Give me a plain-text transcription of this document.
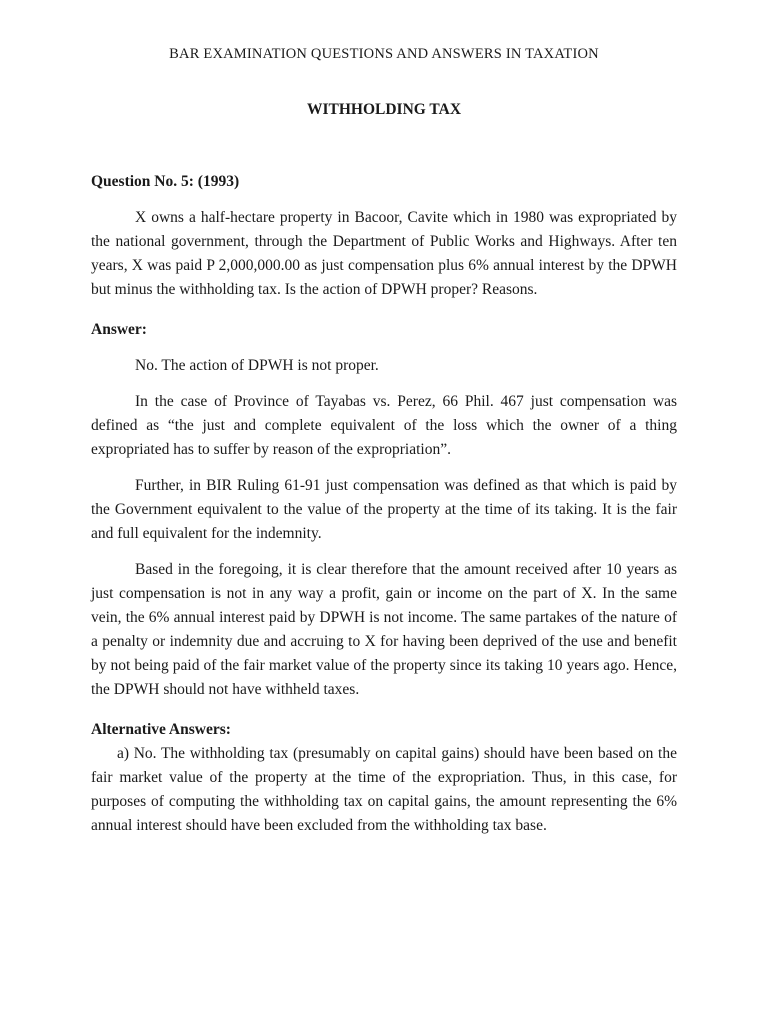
BAR EXAMINATION QUESTIONS AND ANSWERS IN TAXATION

WITHHOLDING TAX

Question No. 5: (1993)

X owns a half-hectare property in Bacoor, Cavite which in 1980 was expropriated by the national government, through the Department of Public Works and Highways. After ten years, X was paid P 2,000,000.00 as just compensation plus 6% annual interest by the DPWH but minus the withholding tax. Is the action of DPWH proper? Reasons.

Answer:

No. The action of DPWH is not proper.

In the case of Province of Tayabas vs. Perez, 66 Phil. 467 just compensation was defined as “the just and complete equivalent of the loss which the owner of a thing expropriated has to suffer by reason of the expropriation”.

Further, in BIR Ruling 61-91 just compensation was defined as that which is paid by the Government equivalent to the value of the property at the time of its taking. It is the fair and full equivalent for the indemnity.

Based in the foregoing, it is clear therefore that the amount received after 10 years as just compensation is not in any way a profit, gain or income on the part of X. In the same vein, the 6% annual interest paid by DPWH is not income. The same partakes of the nature of a penalty or indemnity due and accruing to X for having been deprived of the use and benefit by not being paid of the fair market value of the property since its taking 10 years ago. Hence, the DPWH should not have withheld taxes.

Alternative Answers:

a) No. The withholding tax (presumably on capital gains) should have been based on the fair market value of the property at the time of the expropriation. Thus, in this case, for purposes of computing the withholding tax on capital gains, the amount representing the 6% annual interest should have been excluded from the withholding tax base.
